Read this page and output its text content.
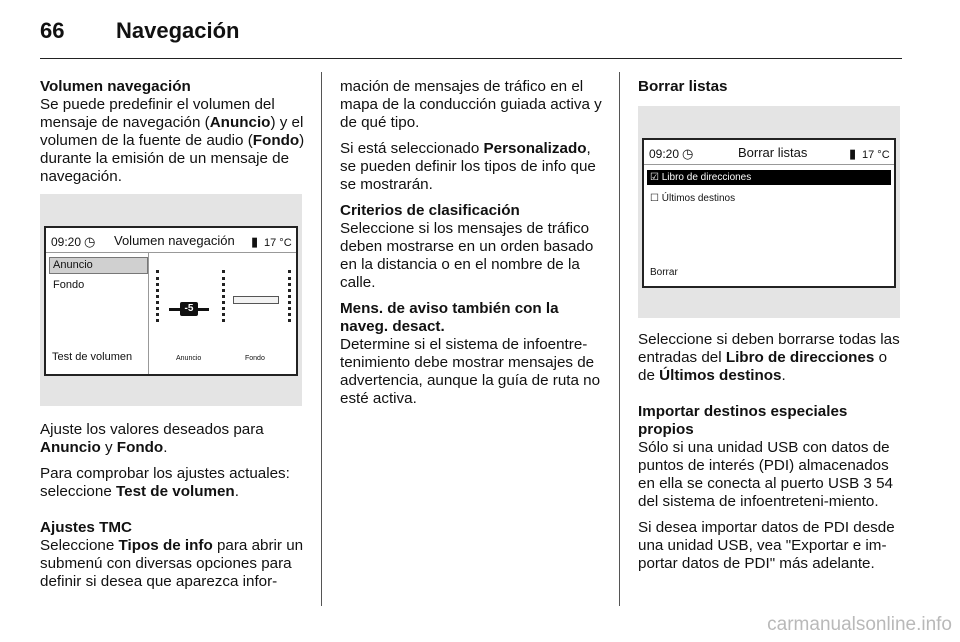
66 Navegación

Volumen navegación
Se puede predefinir el volumen del mensaje de navegación (Anuncio) y el volumen de la fuente de audio (Fondo) durante la emisión de un mensaje de navegación.

09:20 ◷ Volumen navegación ▮ 17 °C
Anuncio
Fondo
Test de volumen
-5
Anuncio	Fondo

Ajuste los valores deseados para Anuncio y Fondo.

Para comprobar los ajustes actuales: seleccione Test de volumen.

Ajustes TMC
Seleccione Tipos de info para abrir un submenú con diversas opciones para definir si desea que aparezca infor-

mación de mensajes de tráfico en el mapa de la conducción guiada activa y de qué tipo.

Si está seleccionado Personalizado, se pueden definir los tipos de info que se mostrarán.

Criterios de clasificación
Seleccione si los mensajes de tráfico deben mostrarse en un orden basado en la distancia o en el nombre de la calle.

Mens. de aviso también con la naveg. desact.
Determine si el sistema de infoentre-tenimiento debe mostrar mensajes de advertencia, aunque la guía de ruta no esté activa.

Borrar listas

09:20 ◷	Borrar listas	▮ 17 °C
☑ Libro de direcciones
☐ Últimos destinos
Borrar

Seleccione si deben borrarse todas las entradas del Libro de direcciones o de Últimos destinos.

Importar destinos especiales propios
Sólo si una unidad USB con datos de puntos de interés (PDI) almacenados en ella se conecta al puerto USB 3 54 del sistema de infoentreteni-miento.

Si desea importar datos de PDI desde una unidad USB, vea "Exportar e im-portar datos de PDI" más adelante.

carmanualsonline.info
